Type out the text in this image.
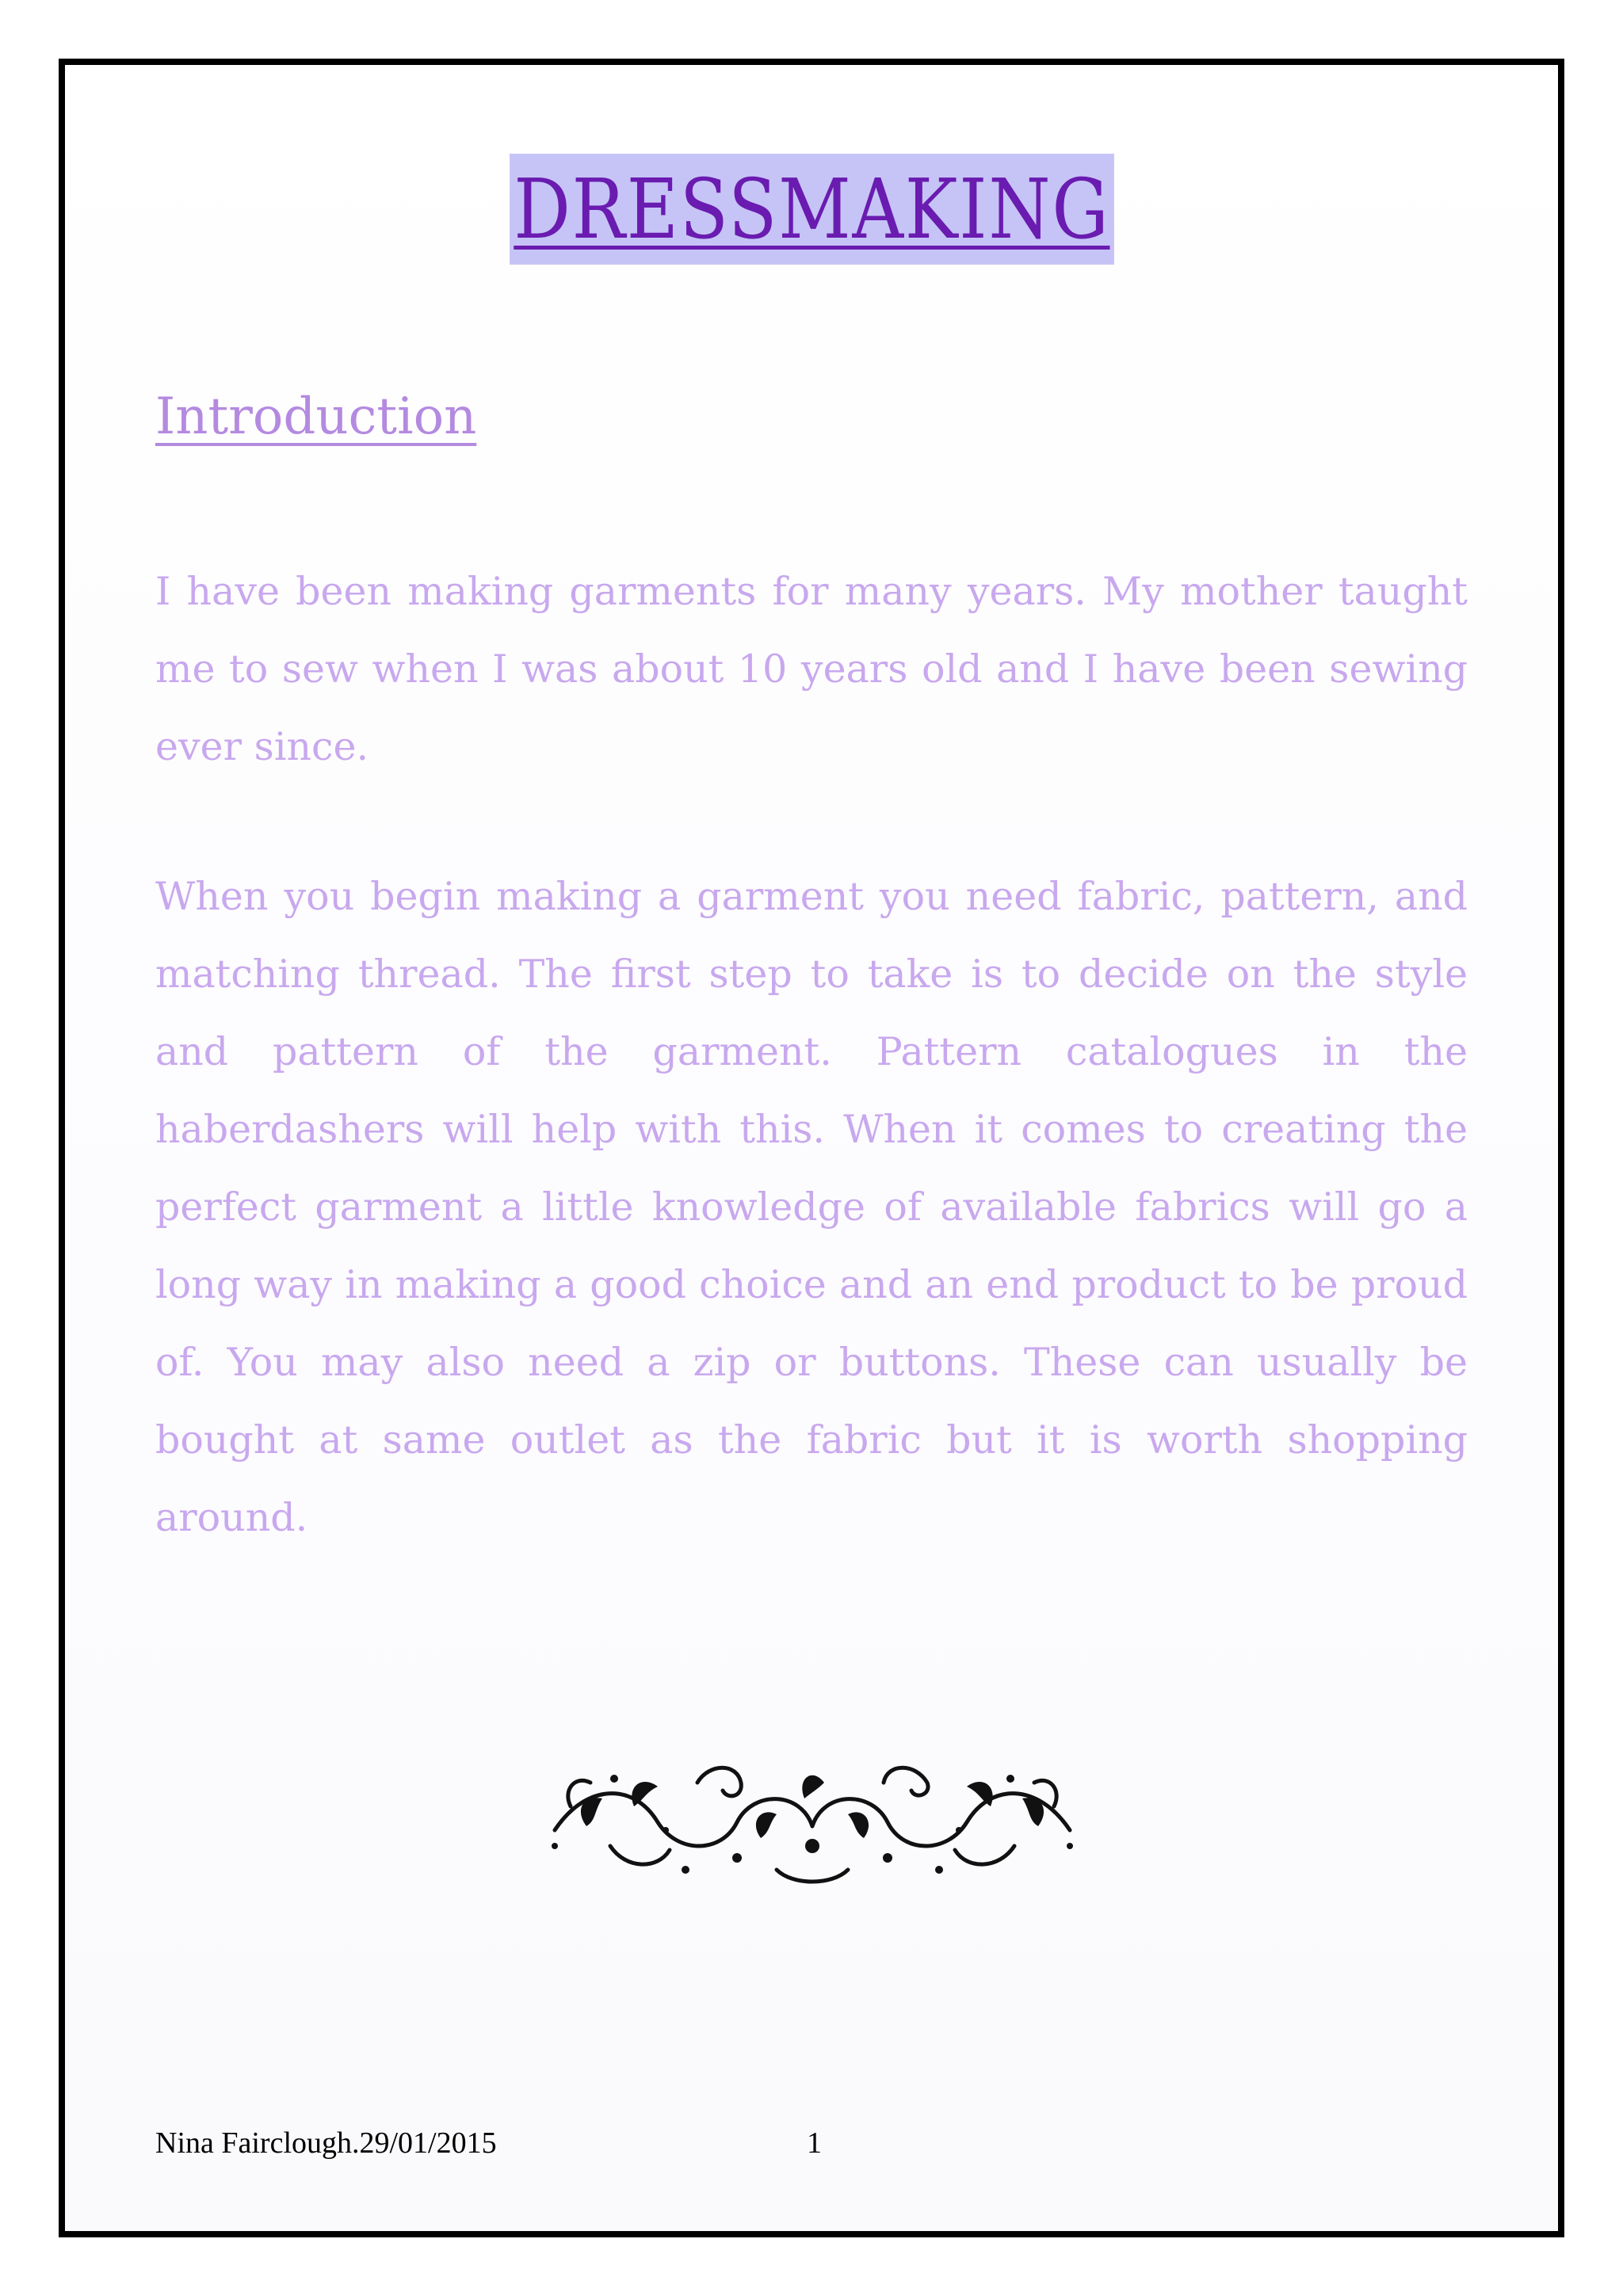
DRESSMAKING
Introduction

I have been making garments for many years. My mother taught me to sew when I was about 10 years old and I have been sewing ever since.

When you begin making a garment you need fabric, pattern, and matching thread. The first step to take is to decide on the style and pattern of the garment. Pattern catalogues in the haberdashers will help with this. When it comes to creating the perfect garment a little knowledge of available fabrics will go a long way in making a good choice and an end product to be proud of. You may also need a zip or buttons. These can usually be bought at same outlet as the fabric but it is worth shopping around.

Nina Fairclough.29/01/2015	1
